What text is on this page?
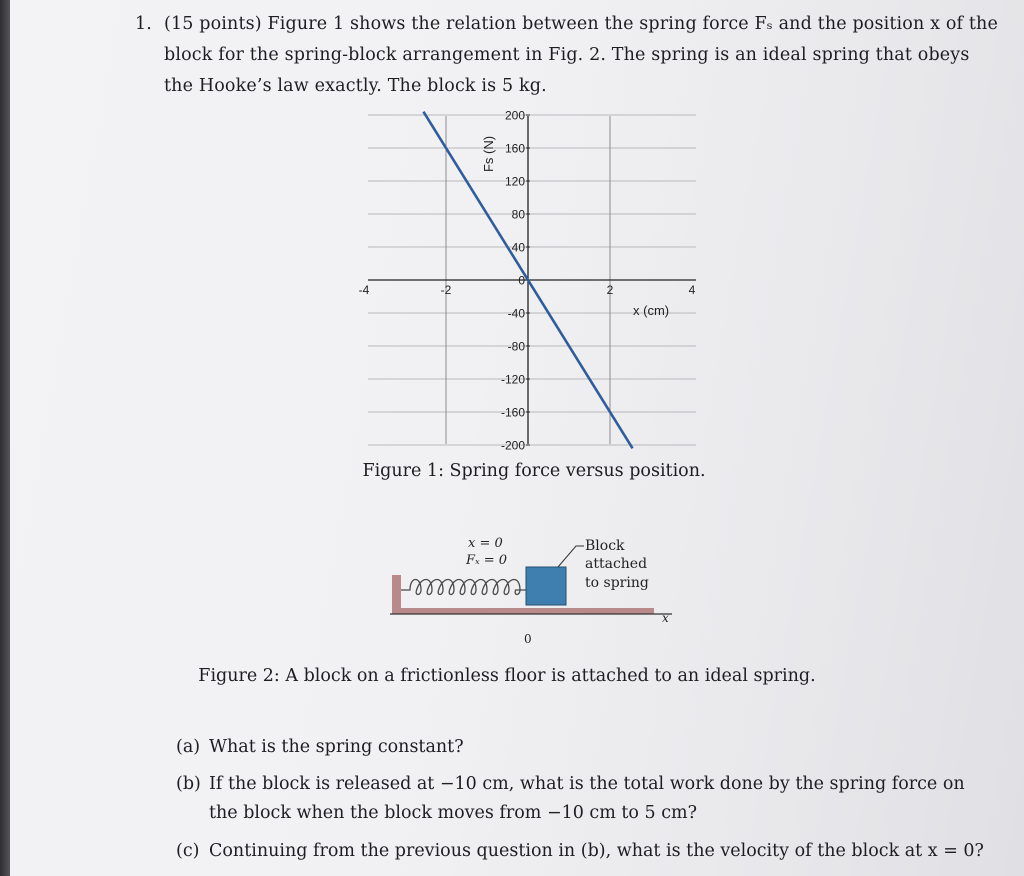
1. (15 points) Figure 1 shows the relation between the spring force Fₛ and the position x of the
block for the spring-block arrangement in Fig. 2. The spring is an ideal spring that obeys
the Hooke’s law exactly. The block is 5 kg.
200
160
120
80
40
0
-40
-80
-120
-160
-200
-4	-2	2	4
Fs (N)
x (cm)
Figure 1: Spring force versus position.
x = 0
Fₓ = 0
Block
attached
to spring
x
0
Figure 2: A block on a frictionless floor is attached to an ideal spring.
(a) What is the spring constant?
(b) If the block is released at −10 cm, what is the total work done by the spring force on
the block when the block moves from −10 cm to 5 cm?
(c) Continuing from the previous question in (b), what is the velocity of the block at x = 0?
